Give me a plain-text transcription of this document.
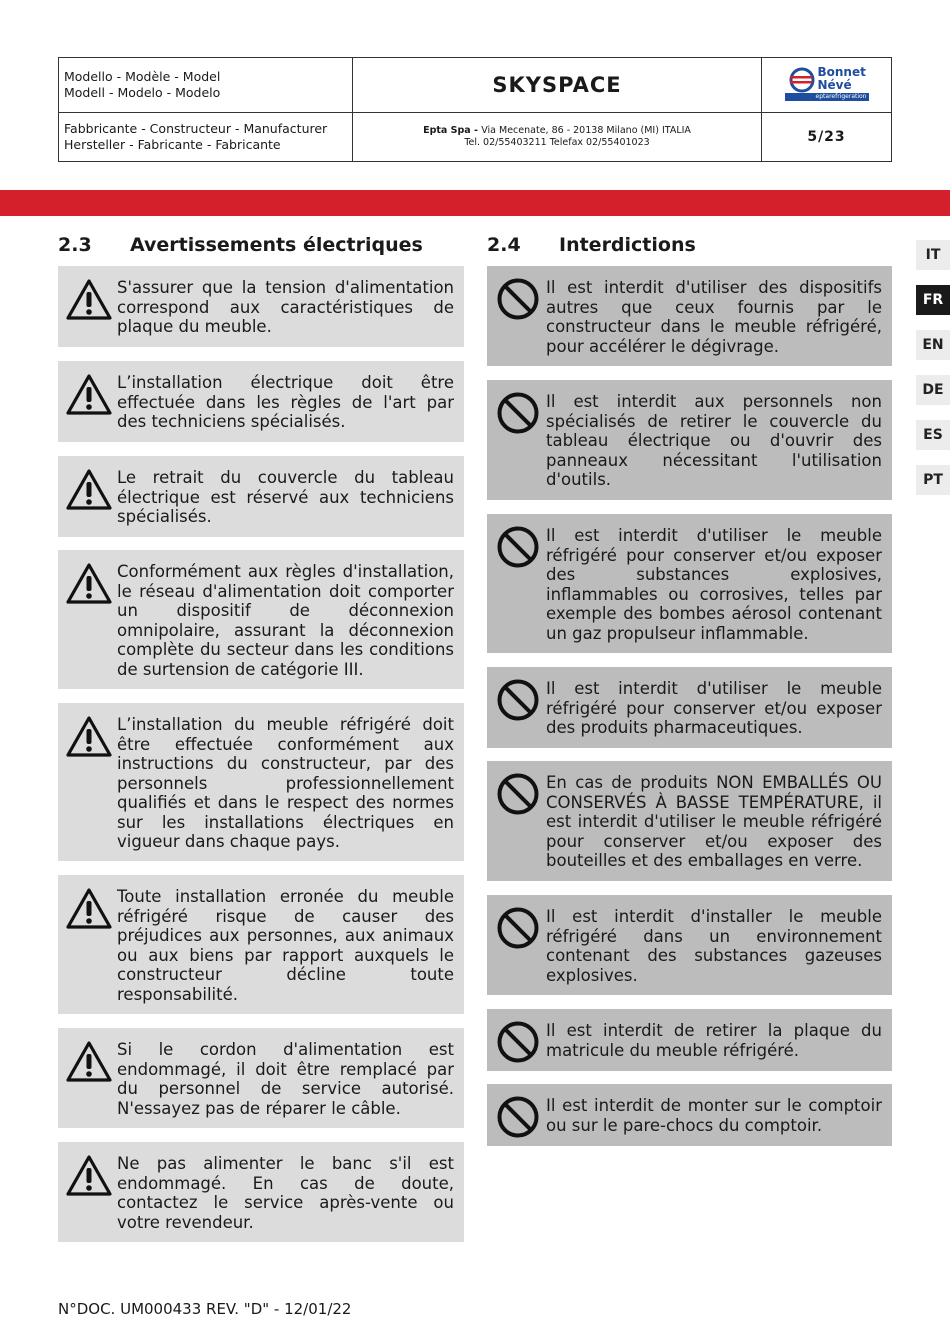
Modello - Modèle - Model
Modell - Modelo - Modelo	SKYSPACE
Bonnet
Névé
eptarefrigeration
Fabbricante - Constructeur - Manufacturer
Hersteller - Fabricante - Fabricante
Epta Spa - Via Mecenate, 86 - 20138 Milano (MI) ITALIA
Tel. 02/55403211 Telefax 02/55401023	5/23
2.3 Avertissements électriques	2.4 Interdictions
S'assurer que la tension d'alimentation correspond aux caractéristiques de plaque du meuble.
L’installation électrique doit être effectuée dans les règles de l'art par des techniciens spécialisés.
Le retrait du couvercle du tableau électrique est réservé aux techniciens spécialisés.
Conformément aux règles d'installation, le réseau d'alimentation doit comporter un dispositif de déconnexion omnipolaire, assurant la déconnexion complète du secteur dans les conditions de surtension de catégorie III.
L’installation du meuble réfrigéré doit être effectuée conformément aux instructions du constructeur, par des personnels professionnellement qualifiés et dans le respect des normes sur les installations électriques en vigueur dans chaque pays.
Toute installation erronée du meuble réfrigéré risque de causer des préjudices aux personnes, aux animaux ou aux biens par rapport auxquels le constructeur décline toute responsabilité.
Si le cordon d'alimentation est endommagé, il doit être remplacé par du personnel de service autorisé. N'essayez pas de réparer le câble.
Ne pas alimenter le banc s'il est endommagé. En cas de doute, contactez le service après-vente ou votre revendeur.
Il est interdit d'utiliser des dispositifs autres que ceux fournis par le constructeur dans le meuble réfrigéré, pour accélérer le dégivrage.
Il est interdit aux personnels non spécialisés de retirer le couvercle du tableau électrique ou d'ouvrir des panneaux nécessitant l'utilisation d'outils.
Il est interdit d'utiliser le meuble réfrigéré pour conserver et/ou exposer des substances explosives, inflammables ou corrosives, telles par exemple des bombes aérosol contenant un gaz propulseur inflammable.
Il est interdit d'utiliser le meuble réfrigéré pour conserver et/ou exposer des produits pharmaceutiques.
En cas de produits NON EMBALLÉS OU CONSERVÉS À BASSE TEMPÉRATURE, il est interdit d'utiliser le meuble réfrigéré pour conserver et/ou exposer des bouteilles et des emballages en verre.
Il est interdit d'installer le meuble réfrigéré dans un environnement contenant des substances gazeuses explosives.
Il est interdit de retirer la plaque du matricule du meuble réfrigéré.
Il est interdit de monter sur le comptoir ou sur le pare-chocs du comptoir.
IT
FR
EN
DE
ES
PT
N°DOC. UM000433 REV. "D" - 12/01/22
